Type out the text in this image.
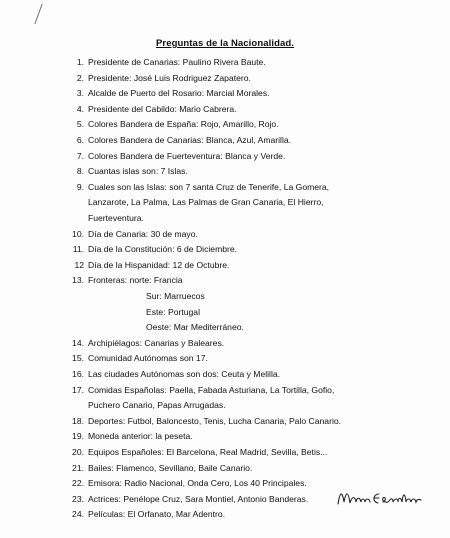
Preguntas de la Nacionalidad.
1. Presidente de Canarias: Paulino Rivera Baute.
2. Presidente: José Luis Rodriguez Zapatero.
3. Alcalde de Puerto del Rosario: Marcial Morales.
4. Presidente del Cabildo: Mario Cabrera.
5. Colores Bandera de España: Rojo, Amarillo, Rojo.
6. Colores Bandera de Canarias: Blanca, Azul, Amarilla.
7. Colores Bandera de Fuerteventura: Blanca y Verde.
8. Cuantas islas son: 7 Islas.
9. Cuales son las Islas: son 7 santa Cruz de Tenerife, La Gomera,
Lanzarote, La Palma, Las Palmas de Gran Canaria, El Hierro,
Fuerteventura.
10. Día de Canaria: 30 de mayo.
11. Día de la Constitución: 6 de Diciembre.
12 Día de la Hispanidad: 12 de Octubre.
13. Fronteras: norte: Francia
Sur: Marruecos
Este: Portugal
Oeste: Mar Mediterráneo.
14. Archipiélagos: Canarias y Baleares.
15. Comunidad Autónomas son 17.
16. Las ciudades Autónomas son dos: Ceuta y Melilla.
17. Comidas Españolas: Paella, Fabada Asturiana, La Tortilla, Gofio,
Puchero Canario, Papas Arrugadas.
18. Deportes: Futbol, Baloncesto, Tenis, Lucha Canaria, Palo Canario.
19. Moneda anterior: la peseta.
20. Equipos Españoles: El Barcelona, Real Madrid, Sevilla, Betis...
21. Bailes: Flamenco, Sevillano, Baile Canario.
22. Emisora: Radio Nacional, Onda Cero, Los 40 Principales.
23. Actrices: Penélope Cruz, Sara Montiel, Antonio Banderas.
24. Películas: El Orfanato, Mar Adentro.
